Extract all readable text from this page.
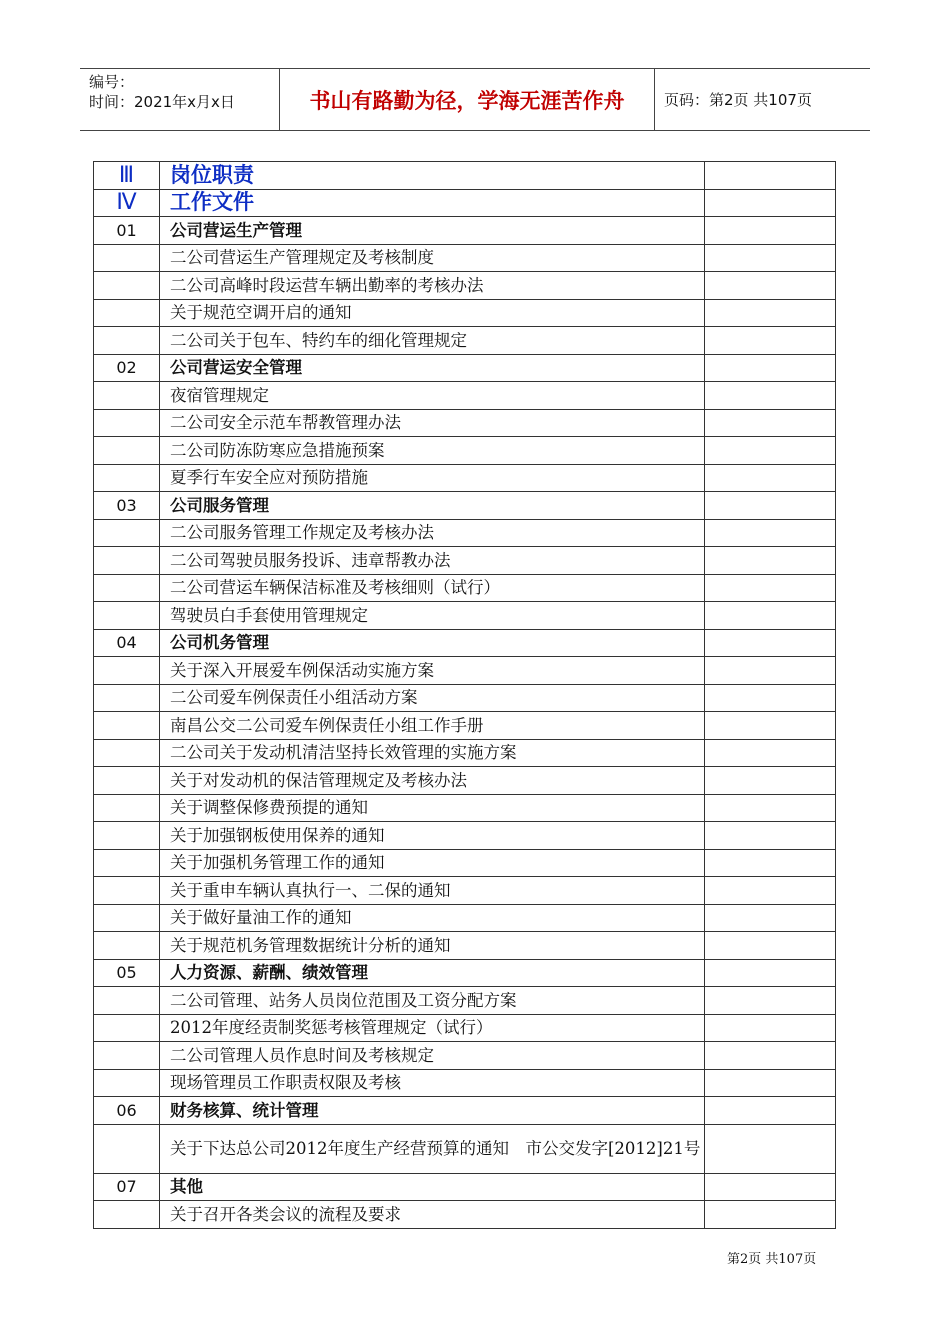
编号：
时间：2021年x月x日	书山有路勤为径，学海无涯苦作舟	页码：第2页 共107页
Ⅲ	岗位职责	
Ⅳ	工作文件	
01	公司营运生产管理	
	二公司营运生产管理规定及考核制度	
	二公司高峰时段运营车辆出勤率的考核办法	
	关于规范空调开启的通知	
	二公司关于包车、特约车的细化管理规定	
02	公司营运安全管理	
	夜宿管理规定	
	二公司安全示范车帮教管理办法	
	二公司防冻防寒应急措施预案	
	夏季行车安全应对预防措施	
03	公司服务管理	
	二公司服务管理工作规定及考核办法	
	二公司驾驶员服务投诉、违章帮教办法	
	二公司营运车辆保洁标准及考核细则（试行）	
	驾驶员白手套使用管理规定	
04	公司机务管理	
	关于深入开展爱车例保活动实施方案	
	二公司爱车例保责任小组活动方案	
	南昌公交二公司爱车例保责任小组工作手册	
	二公司关于发动机清洁坚持长效管理的实施方案	
	关于对发动机的保洁管理规定及考核办法	
	关于调整保修费预提的通知	
	关于加强钢板使用保养的通知	
	关于加强机务管理工作的通知	
	关于重申车辆认真执行一、二保的通知	
	关于做好量油工作的通知	
	关于规范机务管理数据统计分析的通知	
05	人力资源、薪酬、绩效管理	
	二公司管理、站务人员岗位范围及工资分配方案	
	2012年度经责制奖惩考核管理规定（试行）	
	二公司管理人员作息时间及考核规定	
	现场管理员工作职责权限及考核	
06	财务核算、统计管理	
	关于下达总公司2012年度生产经营预算的通知　市公交发字[2012]21号	
07	其他	
	关于召开各类会议的流程及要求	
第2页 共107页
